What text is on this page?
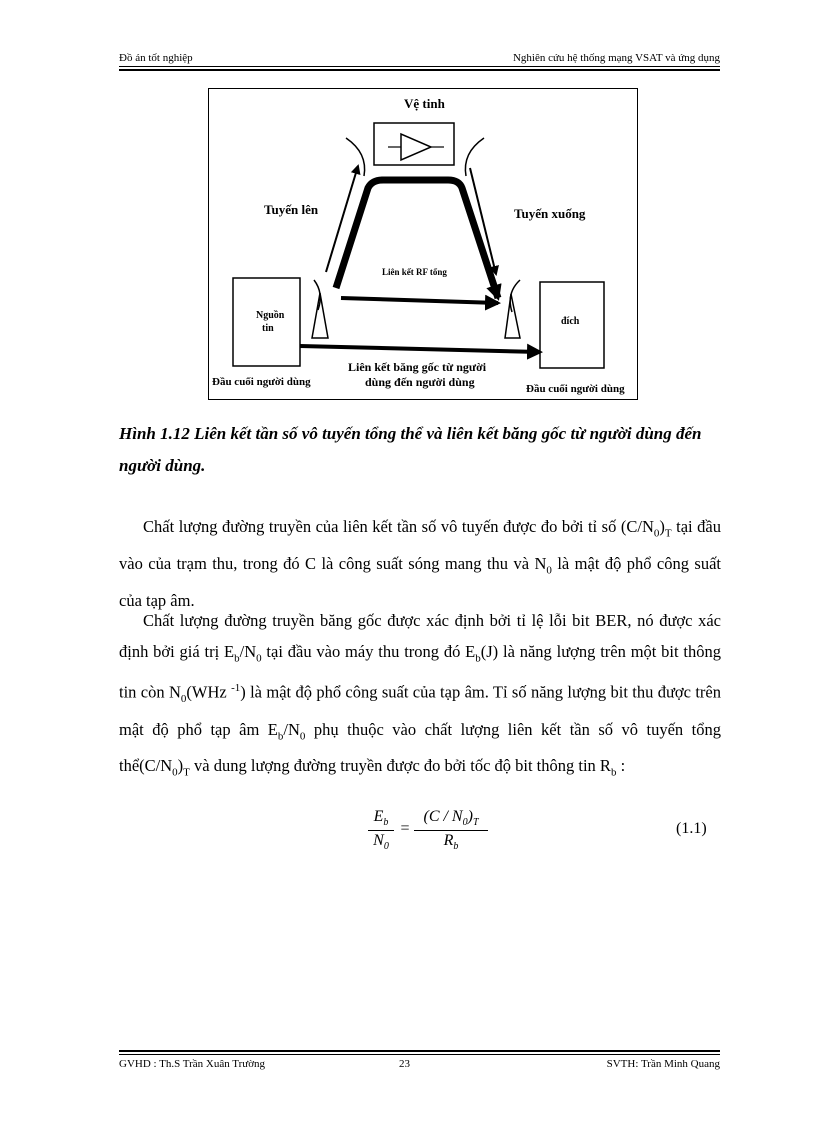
Đồ án tốt nghiệp	Nghiên cứu hệ thống mạng VSAT và ứng dụng
Vệ tinh
Tuyến lên	Tuyến xuống
Liên kết RF tổng
Nguồn
tin
đích
Liên kết băng gốc từ người
dùng đến người dùng
Đầu cuối người dùng
Đầu cuối người dùng
Hình 1.12 Liên kết tần số vô tuyến tổng thể và liên kết băng gốc từ người dùng đến
người dùng.
Chất lượng đường truyền của liên kết tần số vô tuyến được đo bởi tỉ số $(C/N_0)_T$ tại đầu vào của trạm thu, trong đó C là công suất sóng mang thu và $N_0$ là mật độ phổ công suất của tạp âm.
Chất lượng đường truyền băng gốc được xác định bởi tỉ lệ lỗi bit BER, nó được xác định bởi giá trị $E_b/N_0$ tại đầu vào máy thu trong đó $E_b(J)$ là năng lượng trên một bit thông tin còn $N_0(WHz$ $^{-1}$) là mật độ phổ công suất của tạp âm. Tỉ số năng lượng bit thu được trên mật độ phổ tạp âm $E_b/N_0$ phụ thuộc vào chất lượng liên kết tần số vô tuyến tổng $thể(C/N_0)_T$ và dung lượng đường truyền được đo bởi tốc độ bit thông tin $R_b$ :
$E_b$
$N_0$
=
$(C / N_0)_T$
$R_b$
(1.1)
GVHD : Th.S Trần Xuân Trường	23	SVTH: Trần Minh Quang
